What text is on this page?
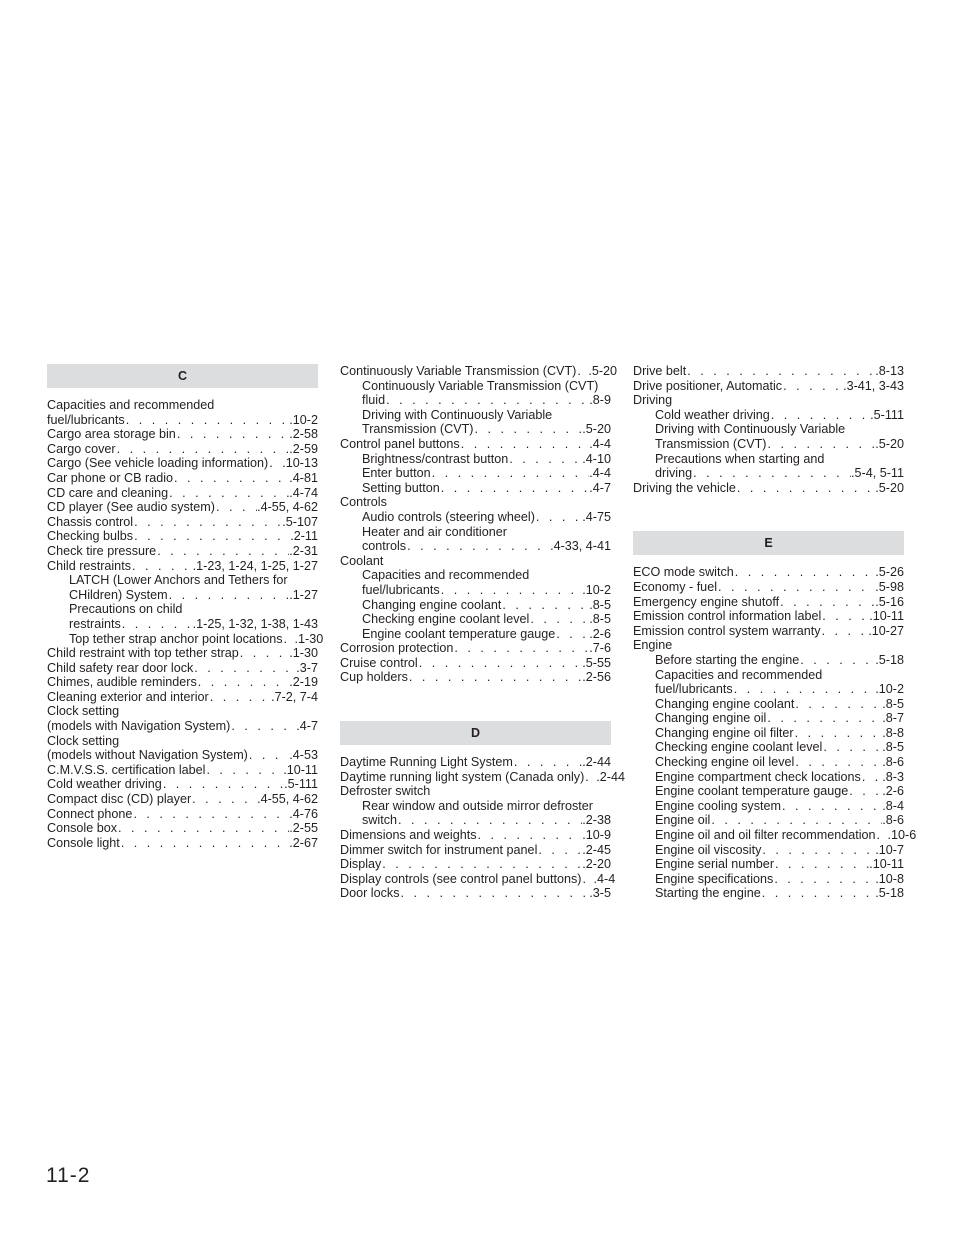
C
Capacities and recommended
fuel/lubricants . . .	.10-2
Cargo area storage bin . . .	.2-58
Cargo cover . . .	.2-59
Cargo (See vehicle loading information) . . . .10-13
Car phone or CB radio . . .	.4-81
CD care and cleaning . . .	.4-74
CD player (See audio system) . . .	.4-55, 4-62
Chassis control . . .	.5-107
Checking bulbs . . .	.2-11
Check tire pressure . . .	.2-31
Child restraints . . .	.1-23, 1-24, 1-25, 1-27
LATCH (Lower Anchors and Tethers for
CHildren) System . . .	.1-27
Precautions on child
restraints . . .	.1-25, 1-32, 1-38, 1-43
Top tether strap anchor point locations . . . .1-30
Child restraint with top tether strap . . .	.1-30
Child safety rear door lock . . .	.3-7
Chimes, audible reminders . . .	.2-19
Cleaning exterior and interior . . .	.7-2, 7-4
Clock setting
(models with Navigation System) . . .	.4-7
Clock setting
(models without Navigation System) . . .	.4-53
C.M.V.S.S. certification label . . .	.10-11
Cold weather driving . . .	.5-111
Compact disc (CD) player . . .	.4-55, 4-62
Connect phone . . .	.4-76
Console box . . .	.2-55
Console light . . .	.2-67
Continuously Variable Transmission (CVT) . . . .5-20
Continuously Variable Transmission (CVT)
fluid . . .	.8-9
Driving with Continuously Variable
Transmission (CVT) . . .	.5-20
Control panel buttons . . .	.4-4
Brightness/contrast button . . .	.4-10
Enter button . . .	.4-4
Setting button . . .	.4-7
Controls
Audio controls (steering wheel) . . .	.4-75
Heater and air conditioner
controls . . .	.4-33, 4-41
Coolant
Capacities and recommended
fuel/lubricants . . .	.10-2
Changing engine coolant . . .	.8-5
Checking engine coolant level . . .	.8-5
Engine coolant temperature gauge . . .	.2-6
Corrosion protection . . .	.7-6
Cruise control . . .	.5-55
Cup holders . . .	.2-56
D
Daytime Running Light System . . .	.2-44
Daytime running light system (Canada only) . . . .2-44
Defroster switch
Rear window and outside mirror defroster
switch . . .	.2-38
Dimensions and weights . . .	.10-9
Dimmer switch for instrument panel . . .	.2-45
Display . . .	.2-20
Display controls (see control panel buttons) . . . .4-4
Door locks . . .	.3-5
Drive belt . . .	.8-13
Drive positioner, Automatic . . .	.3-41, 3-43
Driving
Cold weather driving . . .	.5-111
Driving with Continuously Variable
Transmission (CVT) . . .	.5-20
Precautions when starting and
driving . . .	.5-4, 5-11
Driving the vehicle . . .	.5-20
E
ECO mode switch . . .	.5-26
Economy - fuel . . .	.5-98
Emergency engine shutoff . . .	.5-16
Emission control information label . . .	.10-11
Emission control system warranty . . .	.10-27
Engine
Before starting the engine . . .	.5-18
Capacities and recommended
fuel/lubricants . . .	.10-2
Changing engine coolant . . .	.8-5
Changing engine oil . . .	.8-7
Changing engine oil filter . . .	.8-8
Checking engine coolant level . . .	.8-5
Checking engine oil level . . .	.8-6
Engine compartment check locations . . . .8-3
Engine coolant temperature gauge . . .	.2-6
Engine cooling system . . .	.8-4
Engine oil . . .	.8-6
Engine oil and oil filter recommendation . . . .10-6
Engine oil viscosity . . .	.10-7
Engine serial number . . .	.10-11
Engine specifications . . .	.10-8
Starting the engine . . .	.5-18
11-2
